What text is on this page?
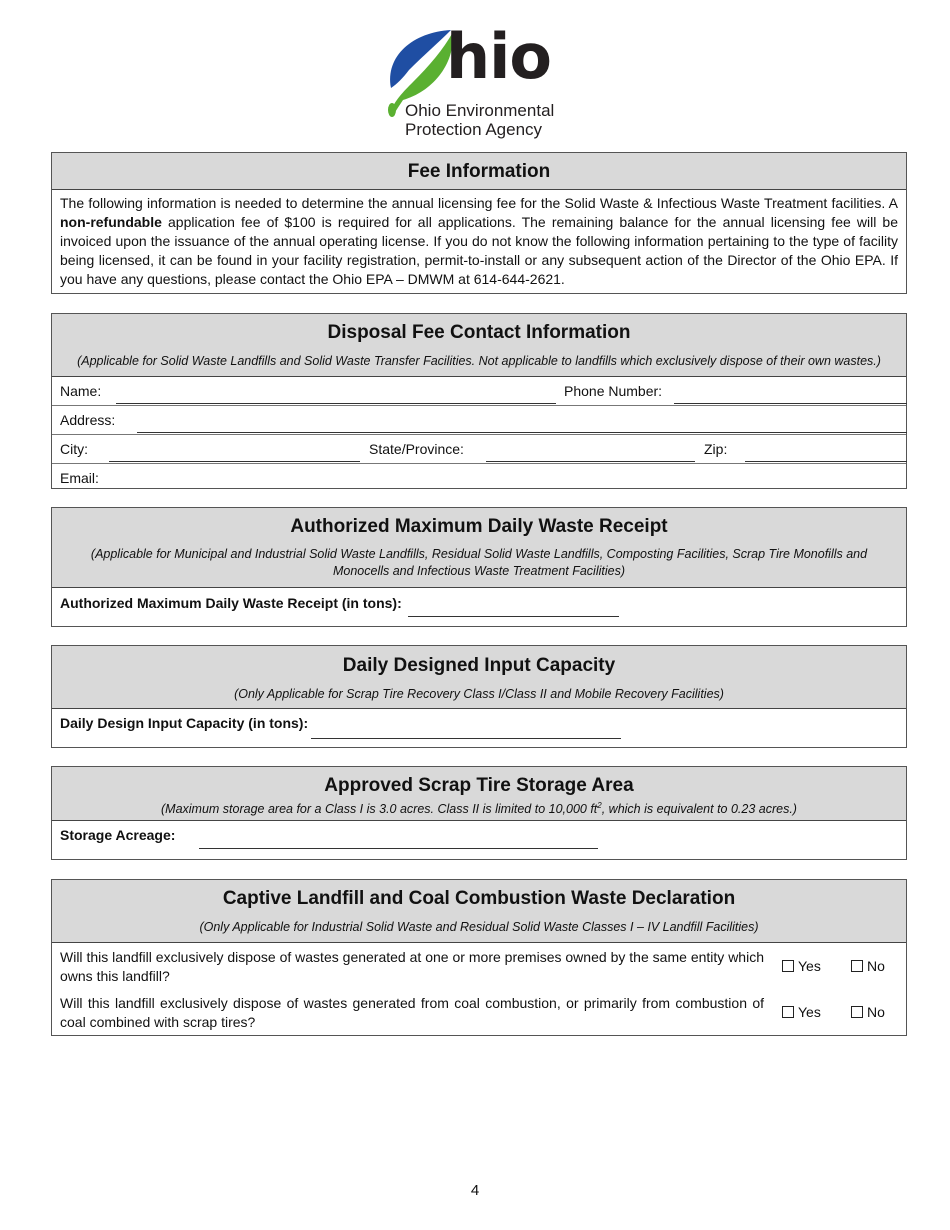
hio
Ohio Environmental
Protection Agency
Fee Information
The following information is needed to determine the annual licensing fee for the Solid Waste & Infectious Waste Treatment facilities. A non-refundable application fee of $100 is required for all applications. The remaining balance for the annual licensing fee will be invoiced upon the issuance of the annual operating license. If you do not know the following information pertaining to the type of facility being licensed, it can be found in your facility registration, permit-to-install or any subsequent action of the Director of the Ohio EPA. If you have any questions, please contact the Ohio EPA – DMWM at 614-644-2621.
Disposal Fee Contact Information
(Applicable for Solid Waste Landfills and Solid Waste Transfer Facilities. Not applicable to landfills which exclusively dispose of their own wastes.)
Name:	Phone Number:
Address:
City:	State/Province:	Zip:
Email:
Authorized Maximum Daily Waste Receipt
(Applicable for Municipal and Industrial Solid Waste Landfills, Residual Solid Waste Landfills, Composting Facilities, Scrap Tire Monofills and Monocells and Infectious Waste Treatment Facilities)
Authorized Maximum Daily Waste Receipt (in tons):
Daily Designed Input Capacity
(Only Applicable for Scrap Tire Recovery Class I/Class II and Mobile Recovery Facilities)
Daily Design Input Capacity (in tons):
Approved Scrap Tire Storage Area
(Maximum storage area for a Class I is 3.0 acres. Class II is limited to 10,000 $ft^2$, which is equivalent to 0.23 acres.)
Storage Acreage:
Captive Landfill and Coal Combustion Waste Declaration
(Only Applicable for Industrial Solid Waste and Residual Solid Waste Classes I – IV Landfill Facilities)
Will this landfill exclusively dispose of wastes generated at one or more premises owned by the same entity which owns this landfill?
Yes	No
Will this landfill exclusively dispose of wastes generated from coal combustion, or primarily from combustion of coal combined with scrap tires?
Yes	No
4
